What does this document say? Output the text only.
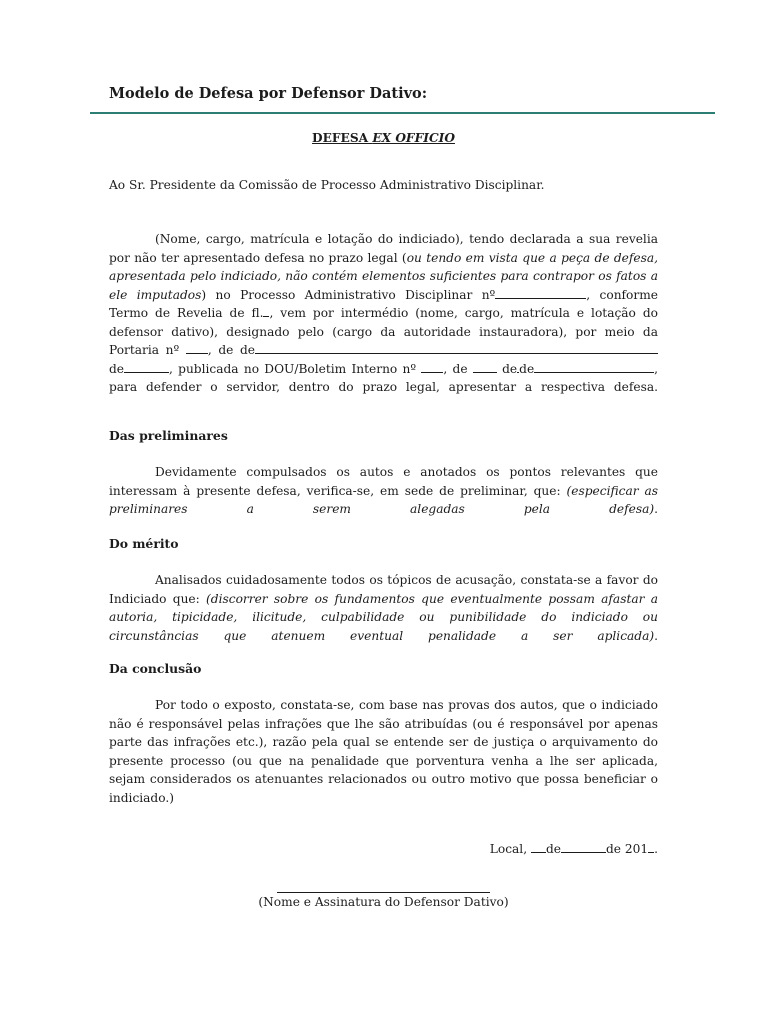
Modelo de Defesa por Defensor Dativo:
DEFESA EX OFFICIO
Ao Sr. Presidente da Comissão de Processo Administrativo Disciplinar.
(Nome, cargo, matrícula e lotação do indiciado), tendo declarada a sua revelia por não ter apresentado defesa no prazo legal (ou tendo em vista que a peça de defesa, apresentada pelo indiciado, não contém elementos suficientes para contrapor os fatos a ele imputados) no Processo Administrativo Disciplinar nº	, conforme Termo de Revelia de fl. , vem por intermédio (nome, cargo, matrícula e lotação do defensor dativo), designado pelo (cargo da autoridade instauradora), por meio da Portaria nº , de dede	, publicada no DOU/Boletim Interno nº , de	de de	, para defender o servidor, dentro do prazo legal, apresentar a respectiva defesa.
Das preliminares
Devidamente compulsados os autos e anotados os pontos relevantes que interessam à presente defesa, verifica-se, em sede de preliminar, que: (especificar as preliminares a serem alegadas pela defesa).
Do mérito
Analisados cuidadosamente todos os tópicos de acusação, constata-se a favor do Indiciado que: (discorrer sobre os fundamentos que eventualmente possam afastar a autoria, tipicidade, ilicitude, culpabilidade ou punibilidade do indiciado ou circunstâncias que atenuem eventual penalidade a ser aplicada).
Da conclusão
Por todo o exposto, constata-se, com base nas provas dos autos, que o indiciado não é responsável pelas infrações que lhe são atribuídas (ou é responsável por apenas parte das infrações etc.), razão pela qual se entende ser de justiça o arquivamento do presente processo (ou que na penalidade que porventura venha a lhe ser aplicada, sejam considerados os atenuantes relacionados ou outro motivo que possa beneficiar o indiciado.)
Local, de	de 201 .
(Nome e Assinatura do Defensor Dativo)
